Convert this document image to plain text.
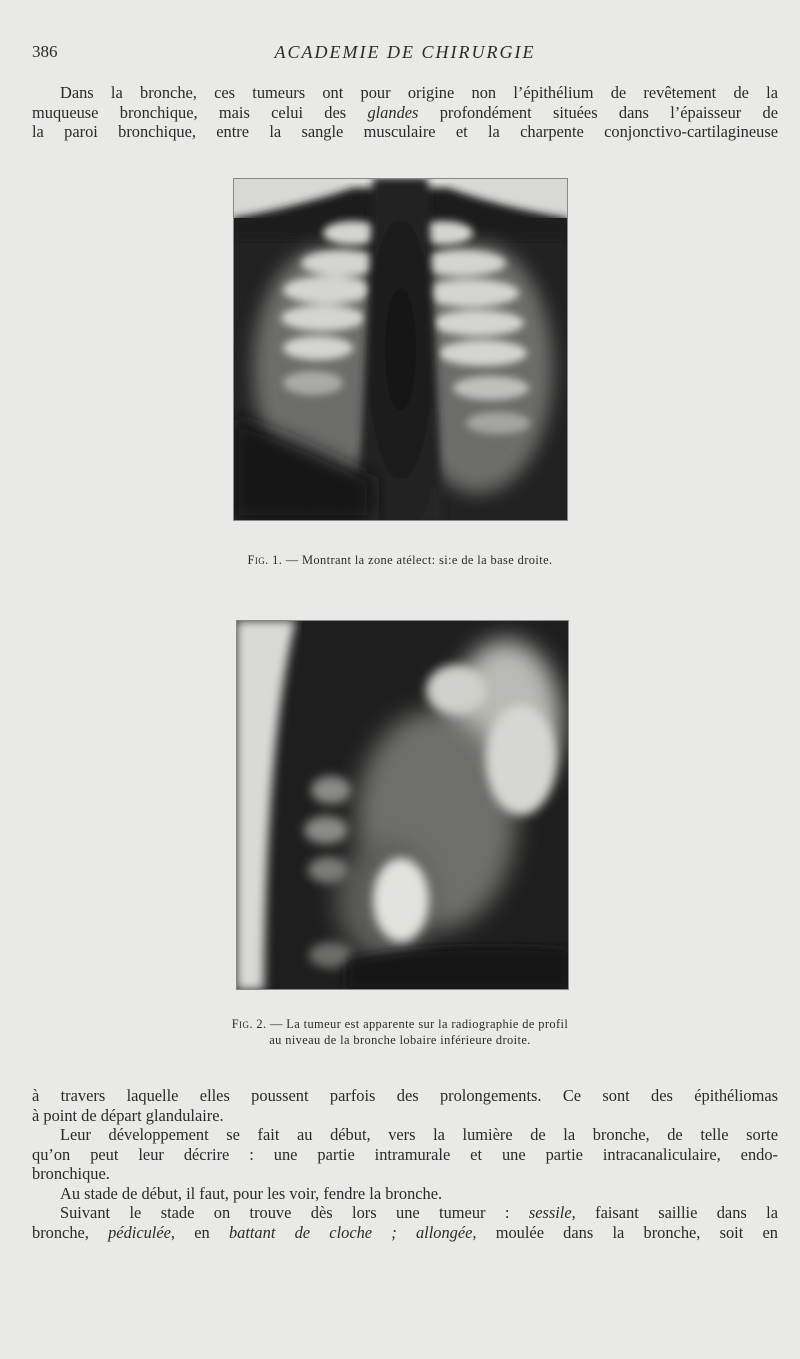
386	ACADEMIE DE CHIRURGIE

Dans la bronche, ces tumeurs ont pour origine non l’épithélium de revêtement de la
muqueuse bronchique, mais celui des glandes profondément situées dans l’épaisseur de
la paroi bronchique, entre la sangle musculaire et la charpente conjonctivo-cartilagineuse

Fig. 1. — Montrant la zone atélect: si:e de la base droite.
Fig. 2. — La tumeur est apparente sur la radiographie de profil
au niveau de la bronche lobaire inférieure droite.

à travers laquelle elles poussent parfois des prolongements. Ce sont des épithéliomas
à point de départ glandulaire.
Leur développement se fait au début, vers la lumière de la bronche, de telle sorte
qu’on peut leur décrire : une partie intramurale et une partie intracanaliculaire, endo-
bronchique.
Au stade de début, il faut, pour les voir, fendre la bronche.
Suivant le stade on trouve dès lors une tumeur : sessile, faisant saillie dans la
bronche, pédiculée, en battant de cloche ; allongée, moulée dans la bronche, soit en
